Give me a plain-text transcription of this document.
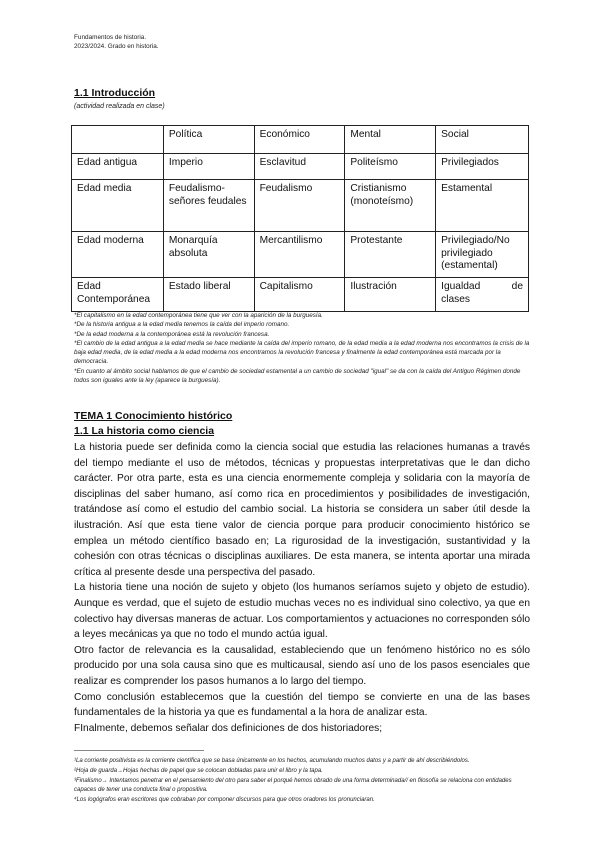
Fundamentos de historia.
2023/2024. Grado en historia.
1.1 Introducción
(actividad realizada en clase)
	Política	Económico	Mental	Social
Edad antigua	Imperio	Esclavitud	Politeísmo	Privilegiados
Edad media	Feudalismo-señores feudales	Feudalismo	Cristianismo (monoteísmo)	Estamental
Edad moderna	Monarquía absoluta	Mercantilismo	Protestante	Privilegiado/No privilegiado (estamental)
Edad Contemporánea	Estado liberal	Capitalismo	Ilustración	Igualdad de clases

*El capitalismo en la edad contemporánea tiene que ver con la aparición de la burguesía.

*De la historia antigua a la edad media tenemos la caída del imperio romano.

*De la edad moderna a la contemporánea está la revolución francesa.

*El cambio de la edad antigua a la edad media se hace mediante la caída del imperio romano, de la edad media a la edad moderna nos encontramos la crisis de la baja edad media, de la edad media a la edad moderna nos encontramos la revolución francesa y finalmente la edad contemporánea está marcada por la democracia.

*En cuanto al ámbito social hablamos de que el cambio de sociedad estamental a un cambio de sociedad "igual" se da con la caída del Antiguo Régimen donde todos son iguales ante la ley (aparece la burguesía).

TEMA 1 Conocimiento histórico
1.1 La historia como ciencia

La historia puede ser definida como la ciencia social que estudia las relaciones humanas a través del tiempo mediante el uso de métodos, técnicas y propuestas interpretativas que le dan dicho carácter. Por otra parte, esta es una ciencia enormemente compleja y solidaria con la mayoría de disciplinas del saber humano, así como rica en procedimientos y posibilidades de investigación, tratándose así como el estudio del cambio social. La historia se considera un saber útil desde la ilustración. Así que esta tiene valor de ciencia porque para producir conocimiento histórico se emplea un método científico basado en; La rigurosidad de la investigación, sustantividad y la cohesión con otras técnicas o disciplinas auxiliares. De esta manera, se intenta aportar una mirada crítica al presente desde una perspectiva del pasado.

La historia tiene una noción de sujeto y objeto (los humanos seríamos sujeto y objeto de estudio). Aunque es verdad, que el sujeto de estudio muchas veces no es individual sino colectivo, ya que en colectivo hay diversas maneras de actuar. Los comportamientos y actuaciones no corresponden sólo a leyes mecánicas ya que no todo el mundo actúa igual.

Otro factor de relevancia es la causalidad, estableciendo que un fenómeno histórico no es sólo producido por una sola causa sino que es multicausal, siendo así uno de los pasos esenciales que realizar es comprender los pasos humanos a lo largo del tiempo.

Como conclusión establecemos que la cuestión del tiempo se convierte en una de las bases fundamentales de la historia ya que es fundamental a la hora de analizar esta.

FInalmente, debemos señalar dos definiciones de dos historiadores;

¹La corriente positivista es la corriente científica que se basa únicamente en los hechos, acumulando muchos datos y a partir de ahí describiéndolos.

²Hoja de guarda→Hojas hechas de papel que se colocan dobladas para unir el libro y la tapa.

³Finalismo→ Intentamos penetrar en el pensamiento del otro para saber el porqué hemos obrado de una forma determinada// en filosofía se relaciona con entidades capaces de tener una conducta final o propositiva.

⁴Los logógrafos eran escritores que cobraban por componer discursos para que otros oradores los pronunciaran.
